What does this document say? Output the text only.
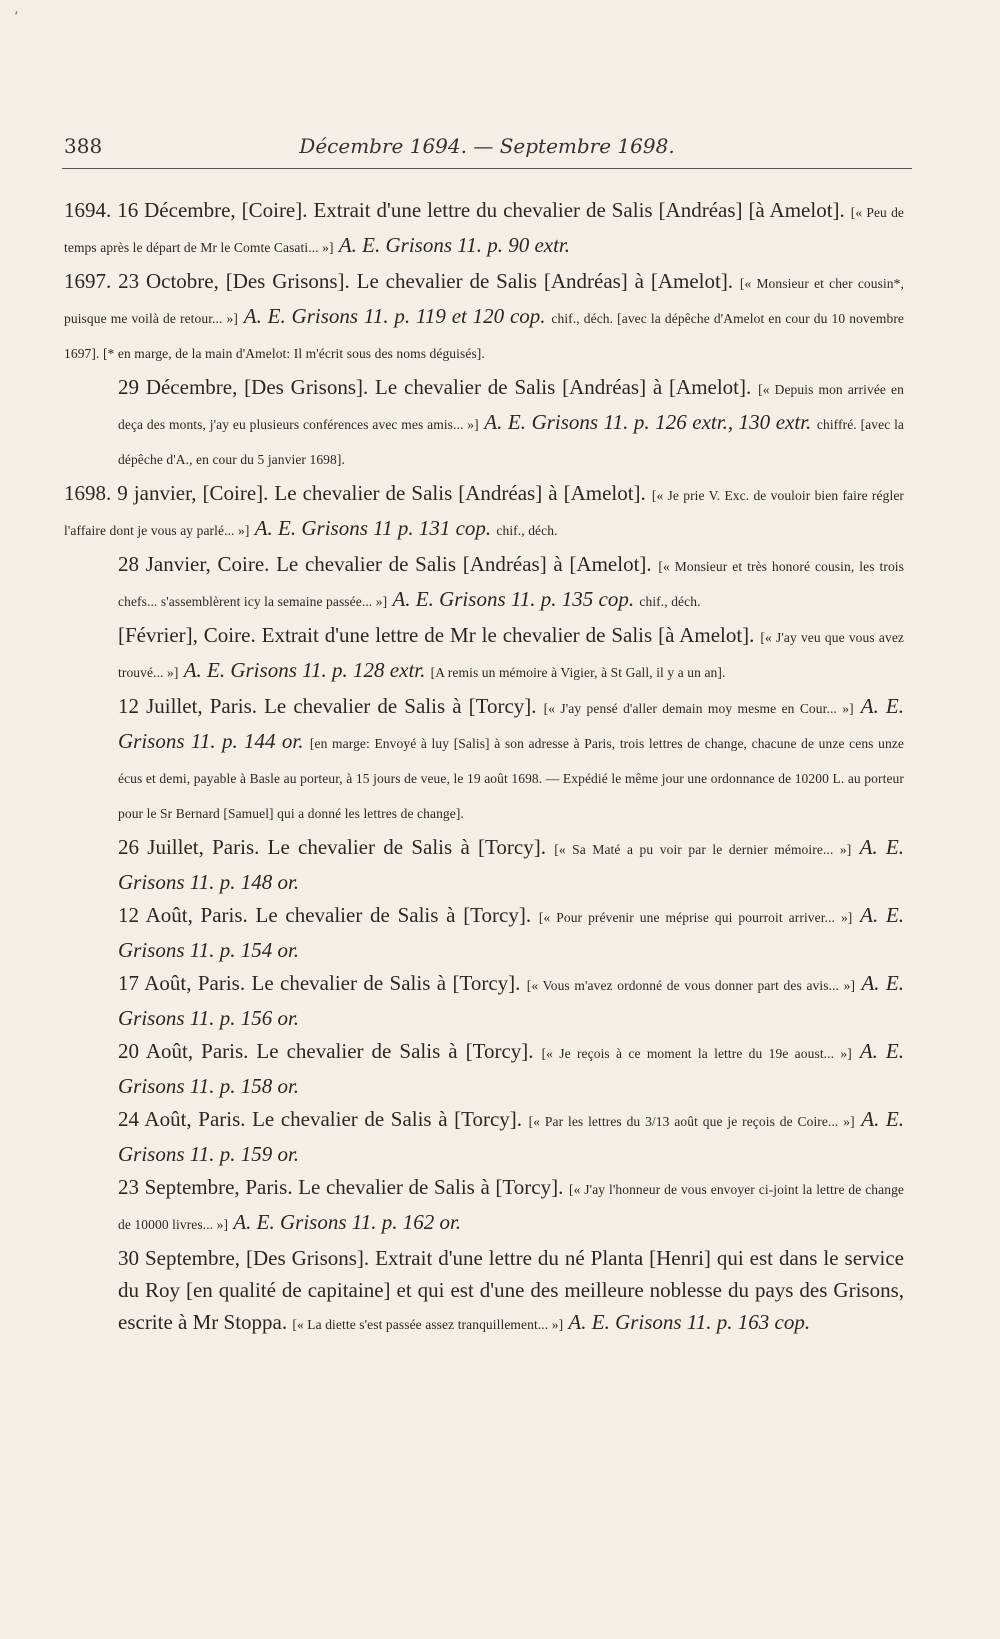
ʻ
388	Décembre 1694. — Septembre 1698.

1694. 16 Décembre, [Coire]. Extrait d'une lettre du chevalier de Salis [Andréas] [à Amelot]. [« Peu de temps après le départ de Mr le Comte Casati... »] A. E. Grisons 11. p. 90 extr.

1697. 23 Octobre, [Des Grisons]. Le chevalier de Salis [Andréas] à [Amelot]. [« Monsieur et cher cousin*, puisque me voilà de retour... »] A. E. Grisons 11. p. 119 et 120 cop. chif., déch. [avec la dépêche d'Amelot en cour du 10 novembre 1697]. [* en marge, de la main d'Amelot: Il m'écrit sous des noms déguisés].

29 Décembre, [Des Grisons]. Le chevalier de Salis [Andréas] à [Amelot]. [« Depuis mon arrivée en deça des monts, j'ay eu plusieurs conférences avec mes amis... »] A. E. Grisons 11. p. 126 extr., 130 extr. chiffré. [avec la dépêche d'A., en cour du 5 janvier 1698].

1698. 9 janvier, [Coire]. Le chevalier de Salis [Andréas] à [Amelot]. [« Je prie V. Exc. de vouloir bien faire régler l'affaire dont je vous ay parlé... »] A. E. Grisons 11 p. 131 cop. chif., déch.

28 Janvier, Coire. Le chevalier de Salis [Andréas] à [Amelot]. [« Monsieur et très honoré cousin, les trois chefs... s'assemblèrent icy la semaine passée... »] A. E. Grisons 11. p. 135 cop. chif., déch.

[Février], Coire. Extrait d'une lettre de Mr le chevalier de Salis [à Amelot]. [« J'ay veu que vous avez trouvé... »] A. E. Grisons 11. p. 128 extr. [A remis un mémoire à Vigier, à St Gall, il y a un an].

12 Juillet, Paris. Le chevalier de Salis à [Torcy]. [« J'ay pensé d'aller demain moy mesme en Cour... »] A. E. Grisons 11. p. 144 or. [en marge: Envoyé à luy [Salis] à son adresse à Paris, trois lettres de change, chacune de unze cens unze écus et demi, payable à Basle au porteur, à 15 jours de veue, le 19 août 1698. — Expédié le même jour une ordonnance de 10200 L. au porteur pour le Sr Bernard [Samuel] qui a donné les lettres de change].

26 Juillet, Paris. Le chevalier de Salis à [Torcy]. [« Sa Maté a pu voir par le dernier mémoire... »] A. E. Grisons 11. p. 148 or.

12 Août, Paris. Le chevalier de Salis à [Torcy]. [« Pour prévenir une méprise qui pourroit arriver... »] A. E. Grisons 11. p. 154 or.

17 Août, Paris. Le chevalier de Salis à [Torcy]. [« Vous m'avez ordonné de vous donner part des avis... »] A. E. Grisons 11. p. 156 or.

20 Août, Paris. Le chevalier de Salis à [Torcy]. [« Je reçois à ce moment la lettre du 19e aoust... »] A. E. Grisons 11. p. 158 or.

24 Août, Paris. Le chevalier de Salis à [Torcy]. [« Par les lettres du 3/13 août que je reçois de Coire... »] A. E. Grisons 11. p. 159 or.

23 Septembre, Paris. Le chevalier de Salis à [Torcy]. [« J'ay l'honneur de vous envoyer ci-joint la lettre de change de 10000 livres... »] A. E. Grisons 11. p. 162 or.

30 Septembre, [Des Grisons]. Extrait d'une lettre du né Planta [Henri] qui est dans le service du Roy [en qualité de capitaine] et qui est d'une des meilleure noblesse du pays des Grisons, escrite à Mr Stoppa. [« La diette s'est passée assez tranquillement... »] A. E. Grisons 11. p. 163 cop.
